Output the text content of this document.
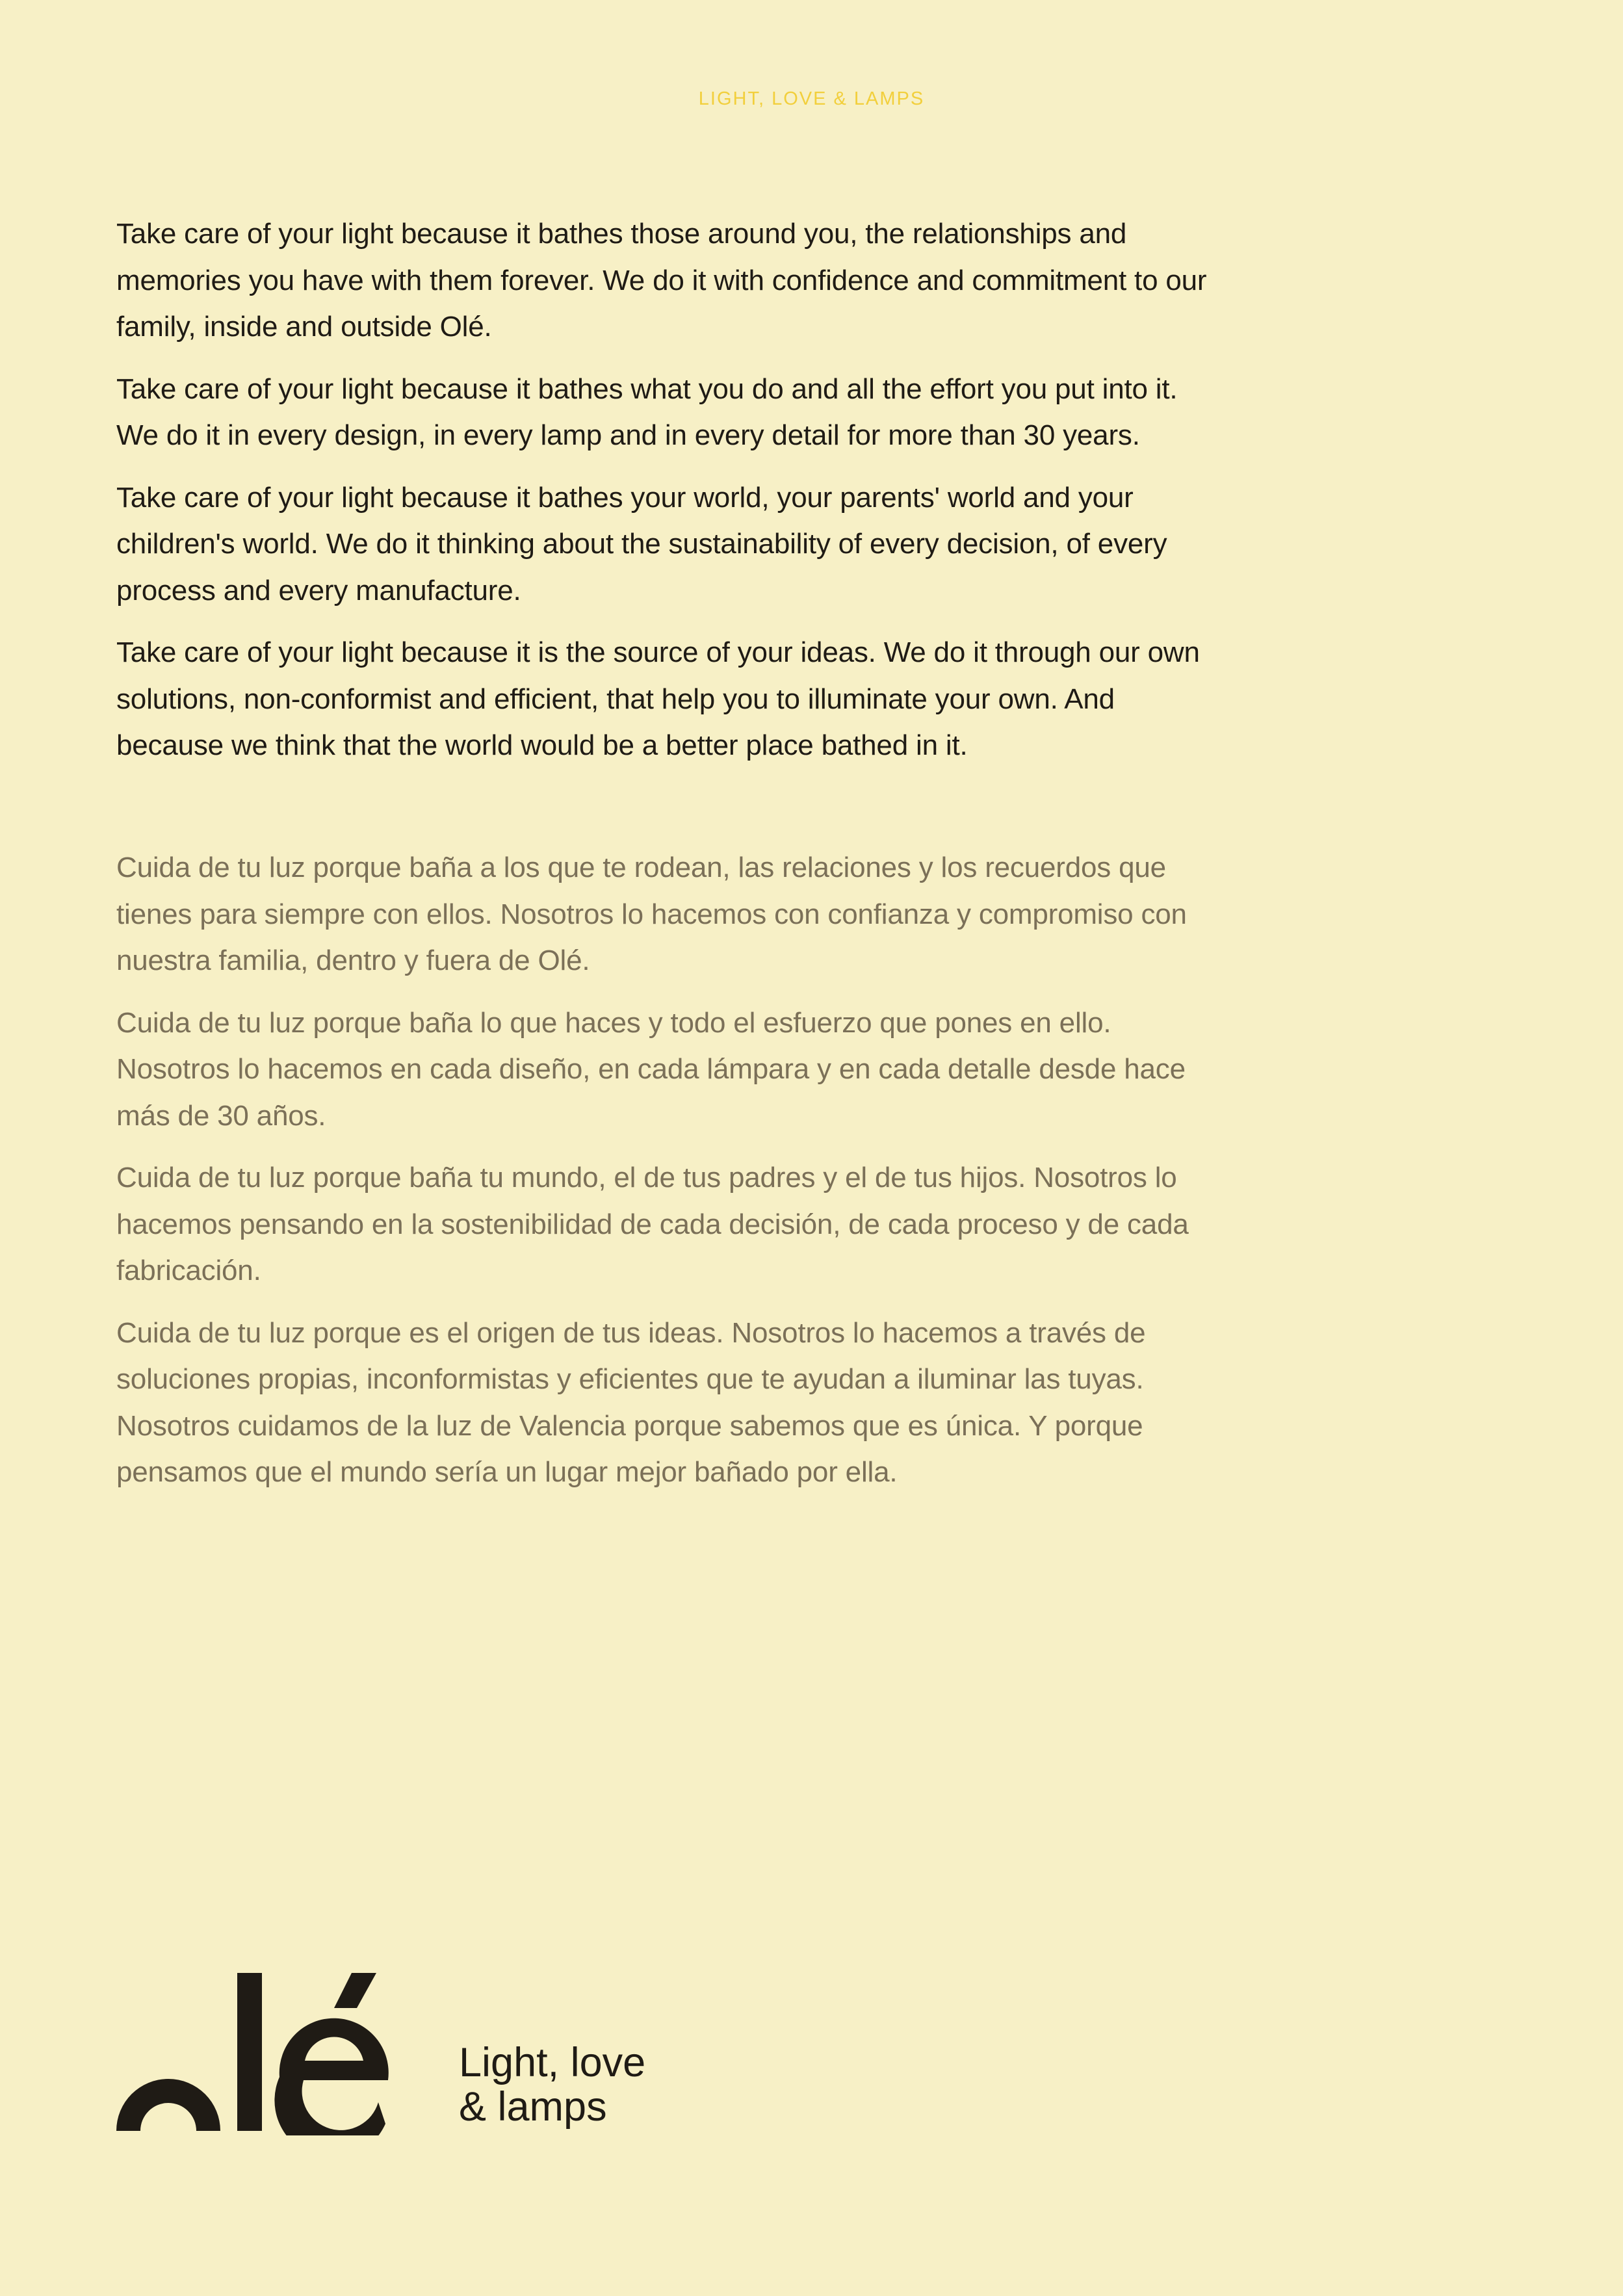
LIGHT, LOVE & LAMPS

Take care of your light because it bathes those around you, the relationships and memories you have with them forever. We do it with confidence and commitment to our family, inside and outside Olé.

Take care of your light because it bathes what you do and all the effort you put into it. We do it in every design, in every lamp and in every detail for more than 30 years.

Take care of your light because it bathes your world, your parents' world and your children's world. We do it thinking about the sustainability of every decision, of every process and every manufacture.

Take care of your light because it is the source of your ideas. We do it through our own solutions, non-conformist and efficient, that help you to illuminate your own. And because we think that the world would be a better place bathed in it.

Cuida de tu luz porque baña a los que te rodean, las relaciones y los recuerdos que tienes para siempre con ellos. Nosotros lo hacemos con confianza y compromiso con nuestra familia, dentro y fuera de Olé.

Cuida de tu luz porque baña lo que haces y todo el esfuerzo que pones en ello. Nosotros lo hacemos en cada diseño, en cada lámpara y en cada detalle desde hace más de 30 años.

Cuida de tu luz porque baña tu mundo, el de tus padres y el de tus hijos. Nosotros lo hacemos pensando en la sostenibilidad de cada decisión, de cada proceso y de cada fabricación.

Cuida de tu luz porque es el origen de tus ideas. Nosotros lo hacemos a través de soluciones propias, inconformistas y eficientes que te ayudan a iluminar las tuyas. Nosotros cuidamos de la luz de Valencia porque sabemos que es única. Y porque pensamos que el mundo sería un lugar mejor bañado por ella.

Light, love
& lamps
